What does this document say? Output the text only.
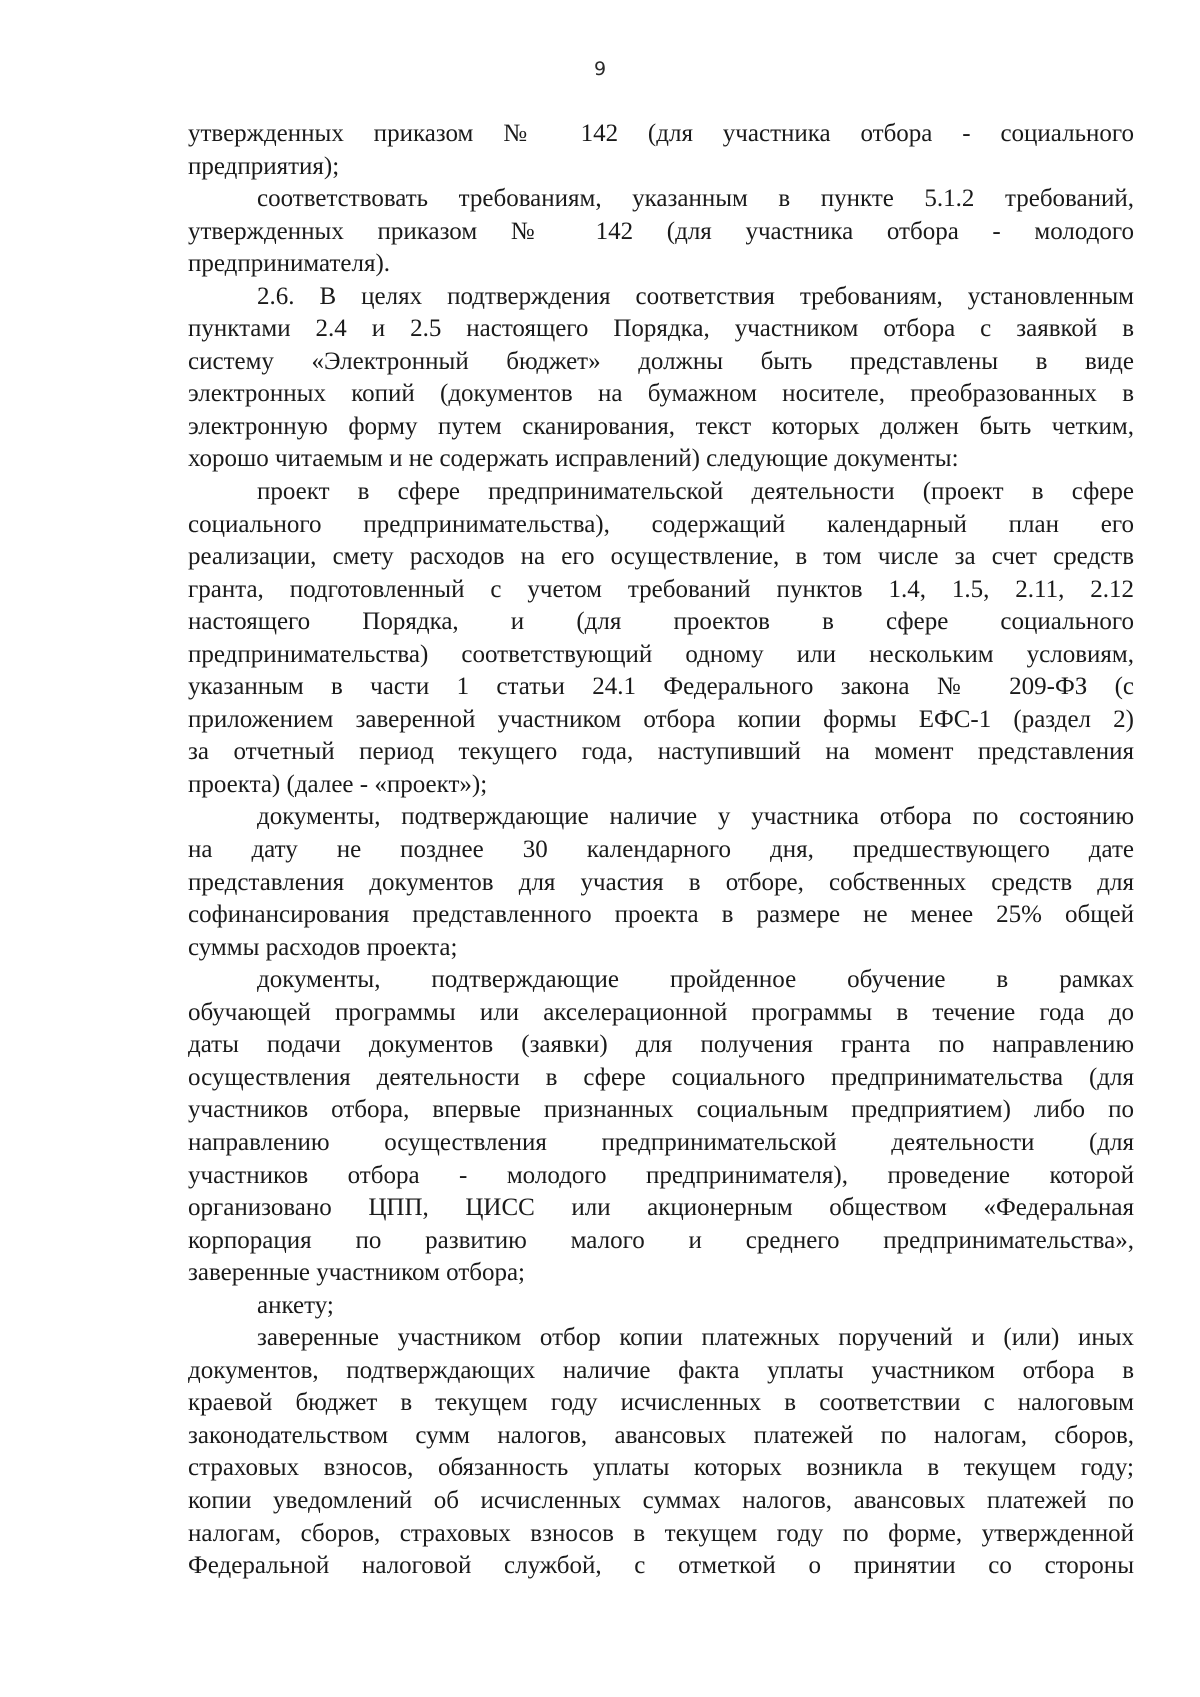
9
утвержденных приказом № 142 (для участника отбора - социального
предприятия);
соответствовать требованиям, указанным в пункте 5.1.2 требований,
утвержденных приказом № 142 (для участника отбора - молодого
предпринимателя).
2.6. В целях подтверждения соответствия требованиям, установленным
пунктами 2.4 и 2.5 настоящего Порядка, участником отбора с заявкой в
систему «Электронный бюджет» должны быть представлены в виде
электронных копий (документов на бумажном носителе, преобразованных в
электронную форму путем сканирования, текст которых должен быть четким,
хорошо читаемым и не содержать исправлений) следующие документы:
проект в сфере предпринимательской деятельности (проект в сфере
социального предпринимательства), содержащий календарный план его
реализации, смету расходов на его осуществление, в том числе за счет средств
гранта, подготовленный с учетом требований пунктов 1.4, 1.5, 2.11, 2.12
настоящего Порядка, и (для проектов в сфере социального
предпринимательства) соответствующий одному или нескольким условиям,
указанным в части 1 статьи 24.1 Федерального закона № 209-ФЗ (с
приложением заверенной участником отбора копии формы ЕФС-1 (раздел 2)
за отчетный период текущего года, наступивший на момент представления
проекта) (далее - «проект»);
документы, подтверждающие наличие у участника отбора по состоянию
на дату не позднее 30 календарного дня, предшествующего дате
представления документов для участия в отборе, собственных средств для
софинансирования представленного проекта в размере не менее 25% общей
суммы расходов проекта;
документы, подтверждающие пройденное обучение в рамках
обучающей программы или акселерационной программы в течение года до
даты подачи документов (заявки) для получения гранта по направлению
осуществления деятельности в сфере социального предпринимательства (для
участников отбора, впервые признанных социальным предприятием) либо по
направлению осуществления предпринимательской деятельности (для
участников отбора - молодого предпринимателя), проведение которой
организовано ЦПП, ЦИСС или акционерным обществом «Федеральная
корпорация по развитию малого и среднего предпринимательства»,
заверенные участником отбора;
анкету;
заверенные участником отбор копии платежных поручений и (или) иных
документов, подтверждающих наличие факта уплаты участником отбора в
краевой бюджет в текущем году исчисленных в соответствии с налоговым
законодательством сумм налогов, авансовых платежей по налогам, сборов,
страховых взносов, обязанность уплаты которых возникла в текущем году;
копии уведомлений об исчисленных суммах налогов, авансовых платежей по
налогам, сборов, страховых взносов в текущем году по форме, утвержденной
Федеральной налоговой службой, с отметкой о принятии со стороны
